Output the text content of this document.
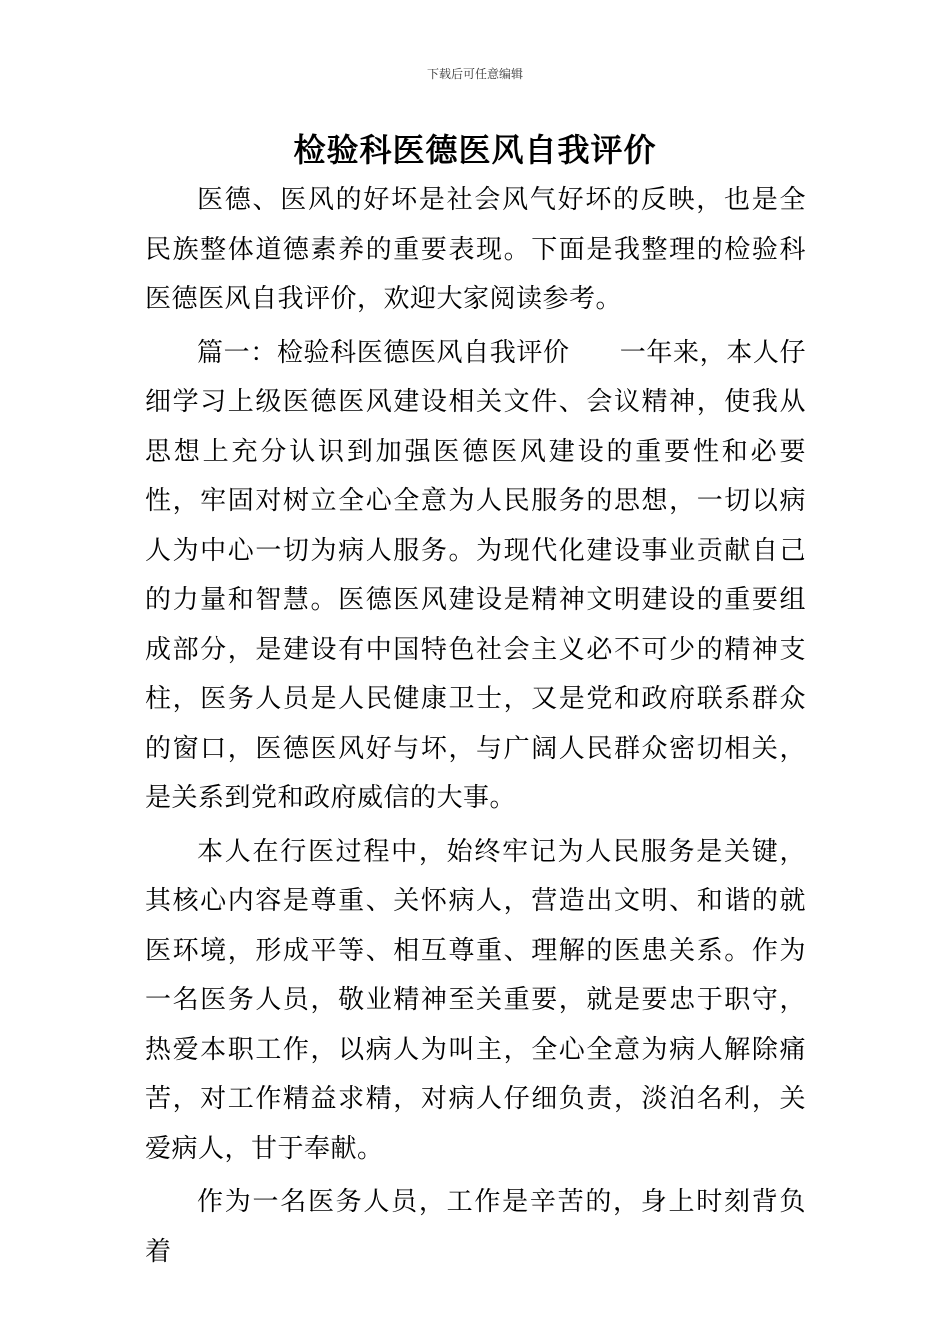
下载后可任意编辑
检验科医德医风自我评价

医德、医风的好坏是社会风气好坏的反映，也是全民族整体道德素养的重要表现。下面是我整理的检验科医德医风自我评价，欢迎大家阅读参考。

篇一：检验科医德医风自我评价 一年来，本人仔细学习上级医德医风建设相关文件、会议精神，使我从思想上充分认识到加强医德医风建设的重要性和必要性，牢固对树立全心全意为人民服务的思想，一切以病人为中心一切为病人服务。为现代化建设事业贡献自己的力量和智慧。医德医风建设是精神文明建设的重要组成部分，是建设有中国特色社会主义必不可少的精神支柱，医务人员是人民健康卫士，又是党和政府联系群众的窗口，医德医风好与坏，与广阔人民群众密切相关，是关系到党和政府威信的大事。

本人在行医过程中，始终牢记为人民服务是关键，其核心内容是尊重、关怀病人，营造出文明、和谐的就医环境，形成平等、相互尊重、理解的医患关系。作为一名医务人员，敬业精神至关重要，就是要忠于职守，热爱本职工作，以病人为叫主，全心全意为病人解除痛苦，对工作精益求精，对病人仔细负责，淡泊名利，关爱病人，甘于奉献。

作为一名医务人员，工作是辛苦的，身上时刻背负着
